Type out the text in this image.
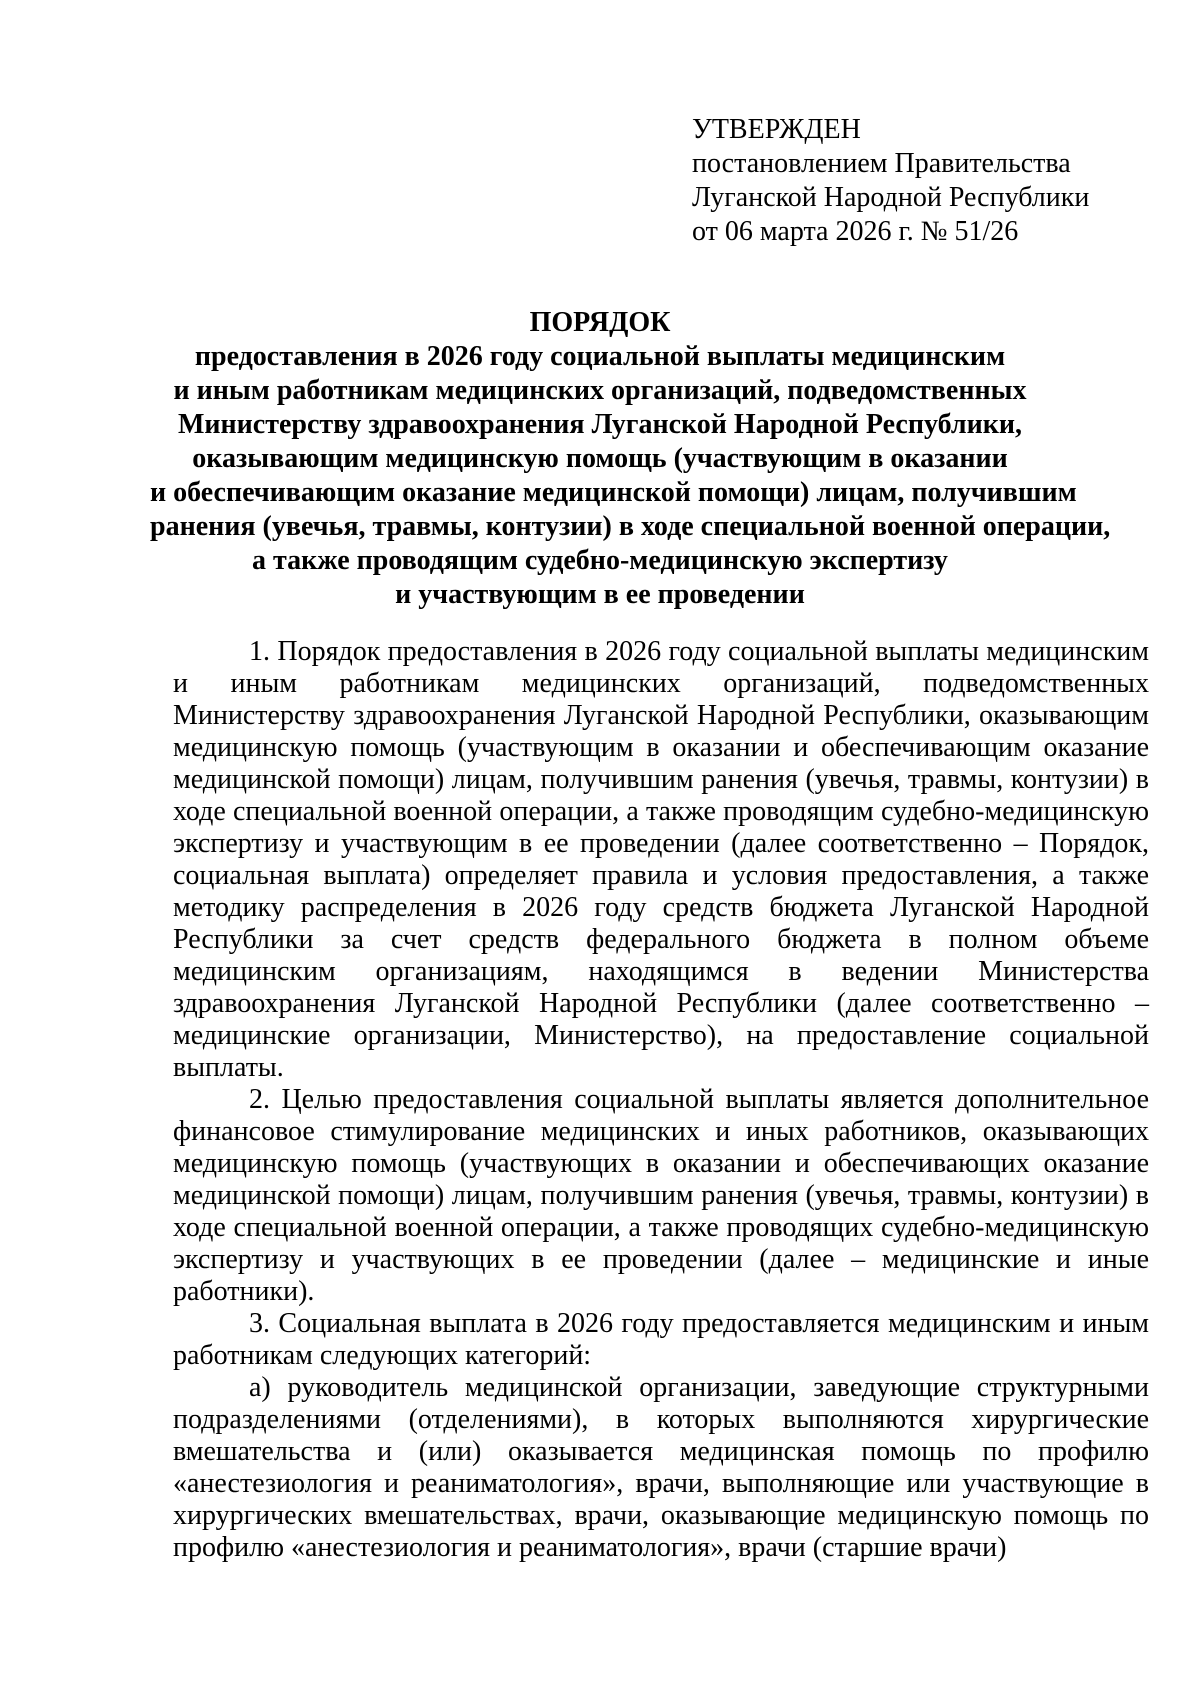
УТВЕРЖДЕН
постановлением Правительства
Луганской Народной Республики
от 06 марта 2026 г. № 51/26
ПОРЯДОК
предоставления в 2026 году социальной выплаты медицинским
и иным работникам медицинских организаций, подведомственных
Министерству здравоохранения Луганской Народной Республики,
оказывающим медицинскую помощь (участвующим в оказании
и обеспечивающим оказание медицинской помощи) лицам, получившим
ранения (увечья, травмы, контузии) в ходе специальной военной операции,
а также проводящим судебно-медицинскую экспертизу
и участвующим в ее проведении

1. Порядок предоставления в 2026 году социальной выплаты медицинским и иным работникам медицинских организаций, подведомственных Министерству здравоохранения Луганской Народной Республики, оказывающим медицинскую помощь (участвующим в оказании и обеспечивающим оказание медицинской помощи) лицам, получившим ранения (увечья, травмы, контузии) в ходе специальной военной операции, а также проводящим судебно-медицинскую экспертизу и участвующим в ее проведении (далее соответственно – Порядок, социальная выплата) определяет правила и условия предоставления, а также методику распределения в 2026 году средств бюджета Луганской Народной Республики за счет средств федерального бюджета в полном объеме медицинским организациям, находящимся в ведении Министерства здравоохранения Луганской Народной Республики (далее соответственно – медицинские организации, Министерство), на предоставление социальной выплаты.

2. Целью предоставления социальной выплаты является дополнительное финансовое стимулирование медицинских и иных работников, оказывающих медицинскую помощь (участвующих в оказании и обеспечивающих оказание медицинской помощи) лицам, получившим ранения (увечья, травмы, контузии) в ходе специальной военной операции, а также проводящих судебно-медицинскую экспертизу и участвующих в ее проведении (далее – медицинские и иные работники).

3. Социальная выплата в 2026 году предоставляется медицинским и иным работникам следующих категорий:

а) руководитель медицинской организации, заведующие структурными подразделениями (отделениями), в которых выполняются хирургические вмешательства и (или) оказывается медицинская помощь по профилю «анестезиология и реаниматология», врачи, выполняющие или участвующие в хирургических вмешательствах, врачи, оказывающие медицинскую помощь по профилю «анестезиология и реаниматология», врачи (старшие врачи)
